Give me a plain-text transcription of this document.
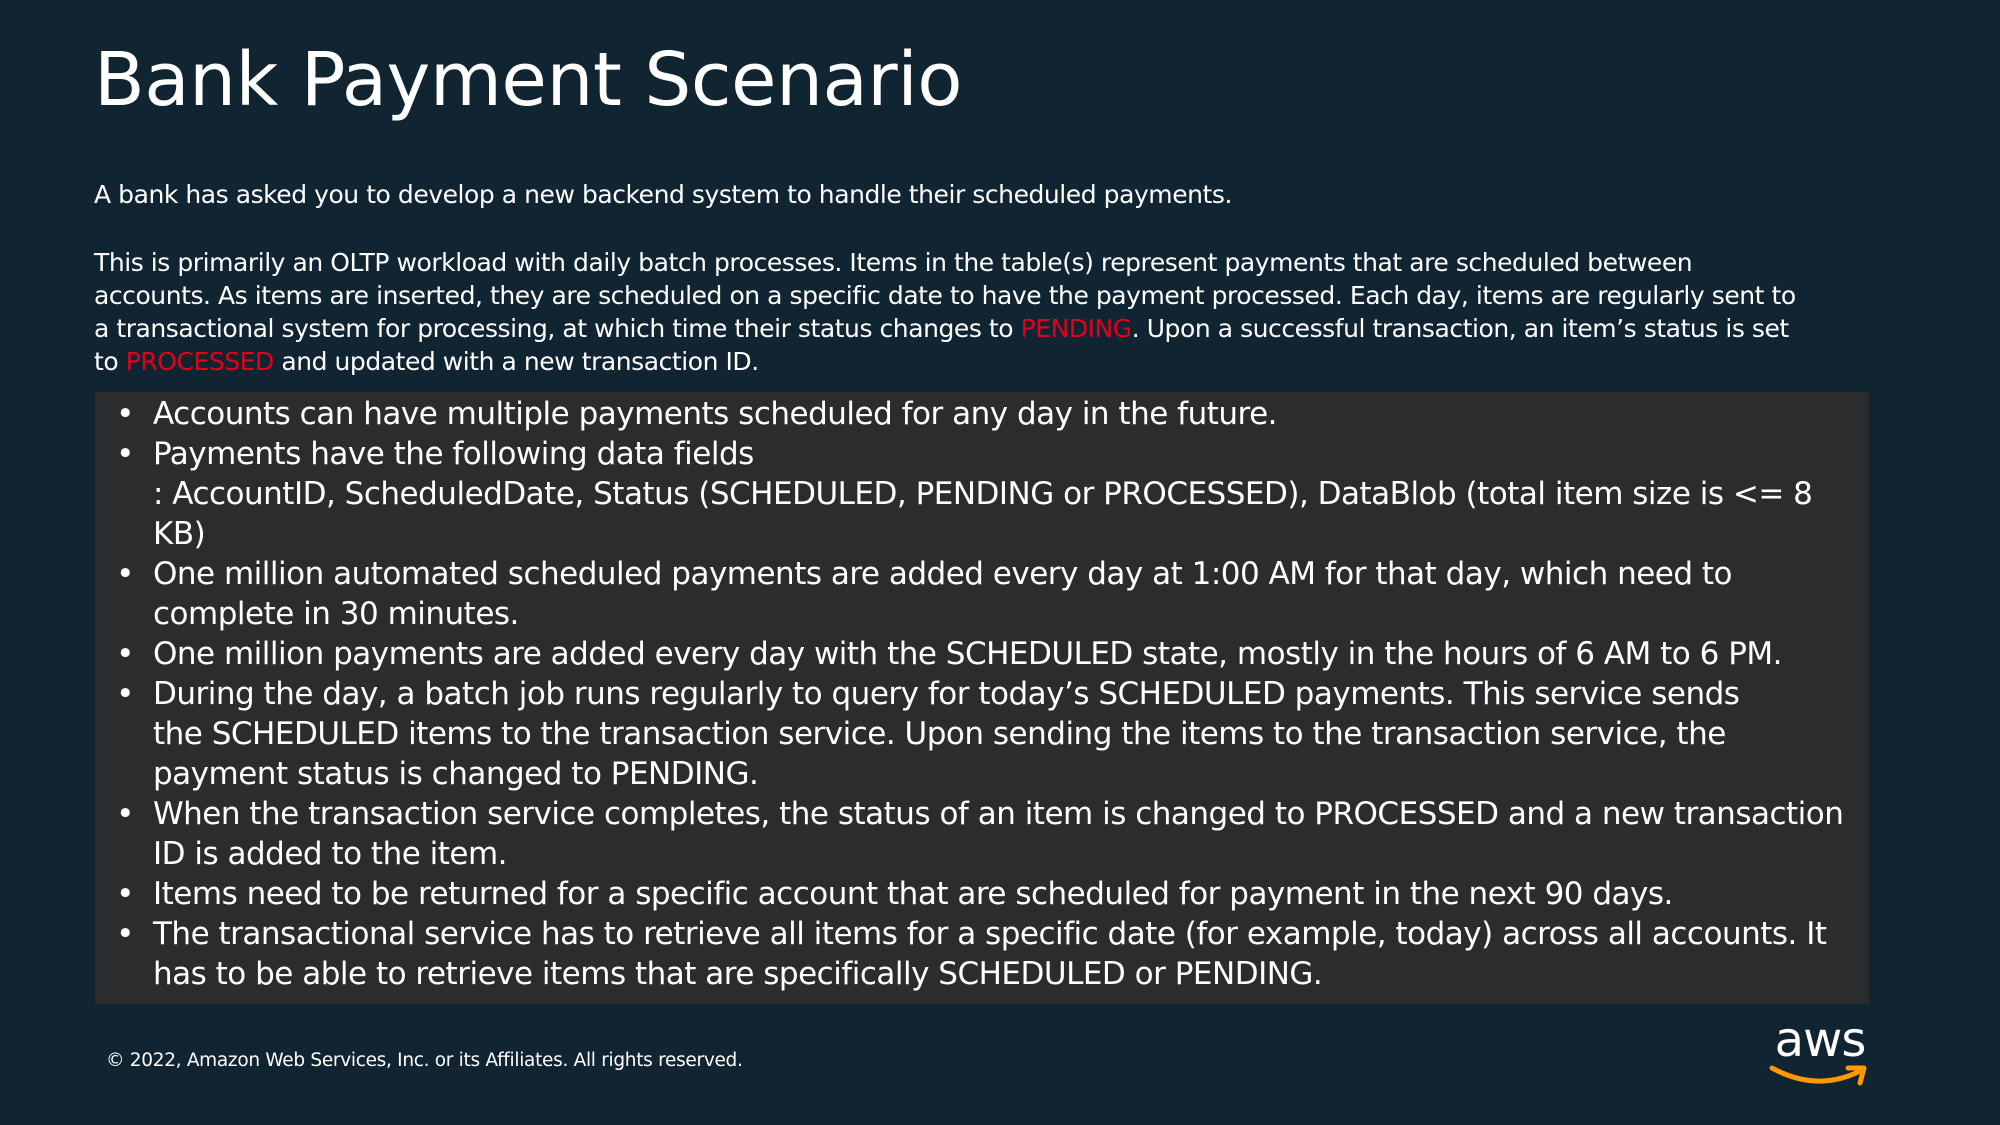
Bank Payment Scenario

A bank has asked you to develop a new backend system to handle their scheduled payments.

This is primarily an OLTP workload with daily batch processes. Items in the table(s) represent payments that are scheduled between
accounts. As items are inserted, they are scheduled on a specific date to have the payment processed. Each day, items are regularly sent to
a transactional system for processing, at which time their status changes to PENDING. Upon a successful transaction, an item’s status is set
to PROCESSED and updated with a new transaction ID.

• Accounts can have multiple payments scheduled for any day in the future.
• Payments have the following data fields
: AccountID, ScheduledDate, Status (SCHEDULED, PENDING or PROCESSED), DataBlob (total item size is <= 8
KB)
• One million automated scheduled payments are added every day at 1:00 AM for that day, which need to
complete in 30 minutes.
• One million payments are added every day with the SCHEDULED state, mostly in the hours of 6 AM to 6 PM.
• During the day, a batch job runs regularly to query for today’s SCHEDULED payments. This service sends
the SCHEDULED items to the transaction service. Upon sending the items to the transaction service, the
payment status is changed to PENDING.
• When the transaction service completes, the status of an item is changed to PROCESSED and a new transaction
ID is added to the item.
• Items need to be returned for a specific account that are scheduled for payment in the next 90 days.
• The transactional service has to retrieve all items for a specific date (for example, today) across all accounts. It
has to be able to retrieve items that are specifically SCHEDULED or PENDING.
© 2022, Amazon Web Services, Inc. or its Affiliates. All rights reserved.	aws
